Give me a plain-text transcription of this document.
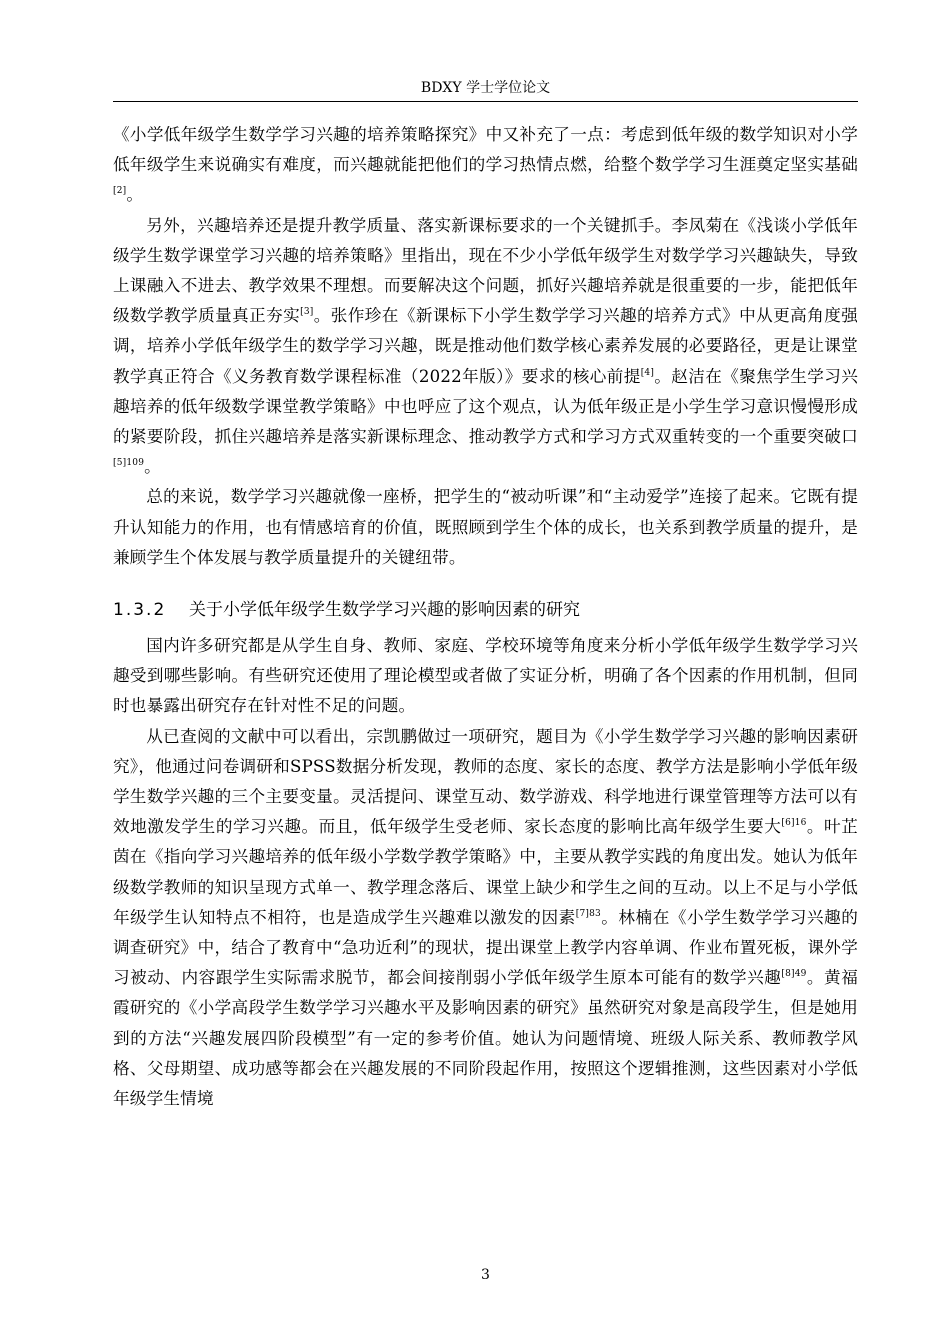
BDXY 学士学位论文

《小学低年级学生数学学习兴趣的培养策略探究》中又补充了一点：考虑到低年级的数学知识对小学低年级学生来说确实有难度，而兴趣就能把他们的学习热情点燃，给整个数学学习生涯奠定坚实基础[2]。

另外，兴趣培养还是提升教学质量、落实新课标要求的一个关键抓手。李凤菊在《浅谈小学低年级学生数学课堂学习兴趣的培养策略》里指出，现在不少小学低年级学生对数学学习兴趣缺失，导致上课融入不进去、教学效果不理想。而要解决这个问题，抓好兴趣培养就是很重要的一步，能把低年级数学教学质量真正夯实[3]。张作珍在《新课标下小学生数学学习兴趣的培养方式》中从更高角度强调，培养小学低年级学生的数学学习兴趣，既是推动他们数学核心素养发展的必要路径，更是让课堂教学真正符合《义务教育数学课程标准（2022年版）》要求的核心前提[4]。赵洁在《聚焦学生学习兴趣培养的低年级数学课堂教学策略》中也呼应了这个观点，认为低年级正是小学生学习意识慢慢形成的紧要阶段，抓住兴趣培养是落实新课标理念、推动教学方式和学习方式双重转变的一个重要突破口$^{[5]109}$。

总的来说，数学学习兴趣就像一座桥，把学生的“被动听课”和“主动爱学”连接了起来。它既有提升认知能力的作用，也有情感培育的价值，既照顾到学生个体的成长，也关系到教学质量的提升，是兼顾学生个体发展与教学质量提升的关键纽带。

1.3.2	关于小学低年级学生数学学习兴趣的影响因素的研究

国内许多研究都是从学生自身、教师、家庭、学校环境等角度来分析小学低年级学生数学学习兴趣受到哪些影响。有些研究还使用了理论模型或者做了实证分析，明确了各个因素的作用机制，但同时也暴露出研究存在针对性不足的问题。

从已查阅的文献中可以看出，宗凯鹏做过一项研究，题目为《小学生数学学习兴趣的影响因素研究》，他通过问卷调研和SPSS数据分析发现，教师的态度、家长的态度、教学方法是影响小学低年级学生数学兴趣的三个主要变量。灵活提问、课堂互动、数学游戏、科学地进行课堂管理等方法可以有效地激发学生的学习兴趣。而且，低年级学生受老师、家长态度的影响比高年级学生要大$^{[6]16}$。叶芷茵在《指向学习兴趣培养的低年级小学数学教学策略》中，主要从教学实践的角度出发。她认为低年级数学教师的知识呈现方式单一、教学理念落后、课堂上缺少和学生之间的互动。以上不足与小学低年级学生认知特点不相符，也是造成学生兴趣难以激发的因素$^{[7]83}$。林楠在《小学生数学学习兴趣的调查研究》中，结合了教育中“急功近利”的现状，提出课堂上教学内容单调、作业布置死板，课外学习被动、内容跟学生实际需求脱节，都会间接削弱小学低年级学生原本可能有的数学兴趣$^{[8]49}$。黄福霞研究的《小学高段学生数学学习兴趣水平及影响因素的研究》虽然研究对象是高段学生，但是她用到的方法“兴趣发展四阶段模型”有一定的参考价值。她认为问题情境、班级人际关系、教师教学风格、父母期望、成功感等都会在兴趣发展的不同阶段起作用，按照这个逻辑推测，这些因素对小学低年级学生情境

3
